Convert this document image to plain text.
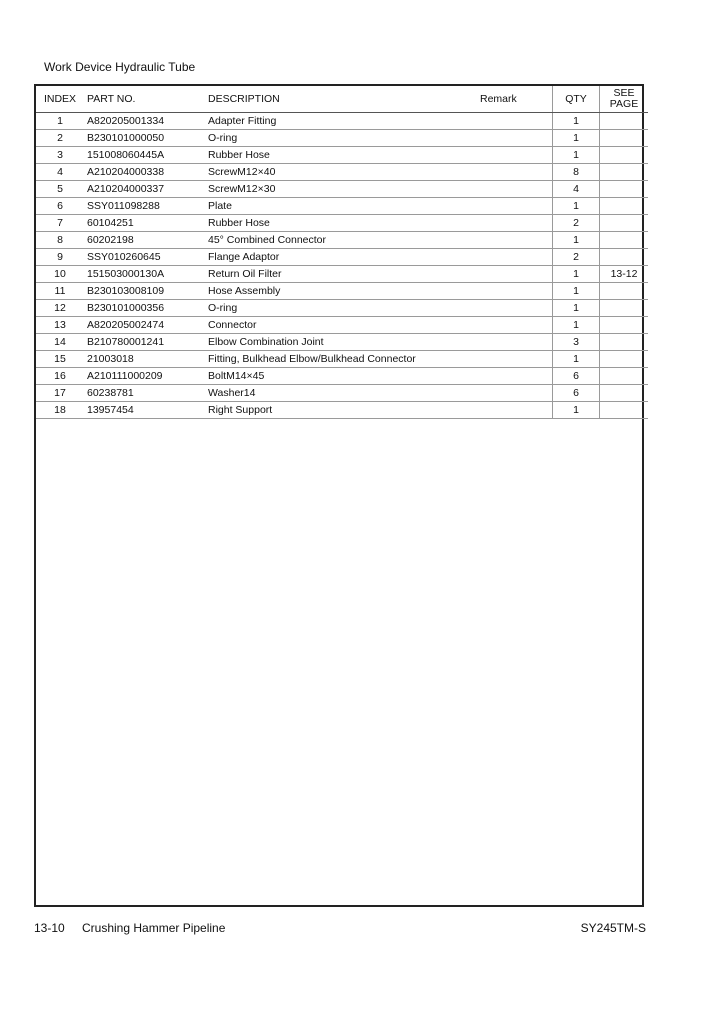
Work Device Hydraulic Tube
INDEX	PART NO.	DESCRIPTION	Remark	QTY	SEE PAGE
1	A820205001334	Adapter Fitting		1	
2	B230101000050	O-ring		1	
3	151008060445A	Rubber Hose		1	
4	A210204000338	ScrewM12×40		8	
5	A210204000337	ScrewM12×30		4	
6	SSY011098288	Plate		1	
7	60104251	Rubber Hose		2	
8	60202198	45° Combined Connector		1	
9	SSY010260645	Flange Adaptor		2	
10	151503000130A	Return Oil Filter		1	13-12
11	B230103008109	Hose Assembly		1	
12	B230101000356	O-ring		1	
13	A820205002474	Connector		1	
14	B210780001241	Elbow Combination Joint		3	
15	21003018	Fitting, Bulkhead Elbow/Bulkhead Connector		1	
16	A210111000209	BoltM14×45		6	
17	60238781	Washer14		6	
18	13957454	Right Support		1	
13-10 Crushing Hammer Pipeline	SY245TM-S
